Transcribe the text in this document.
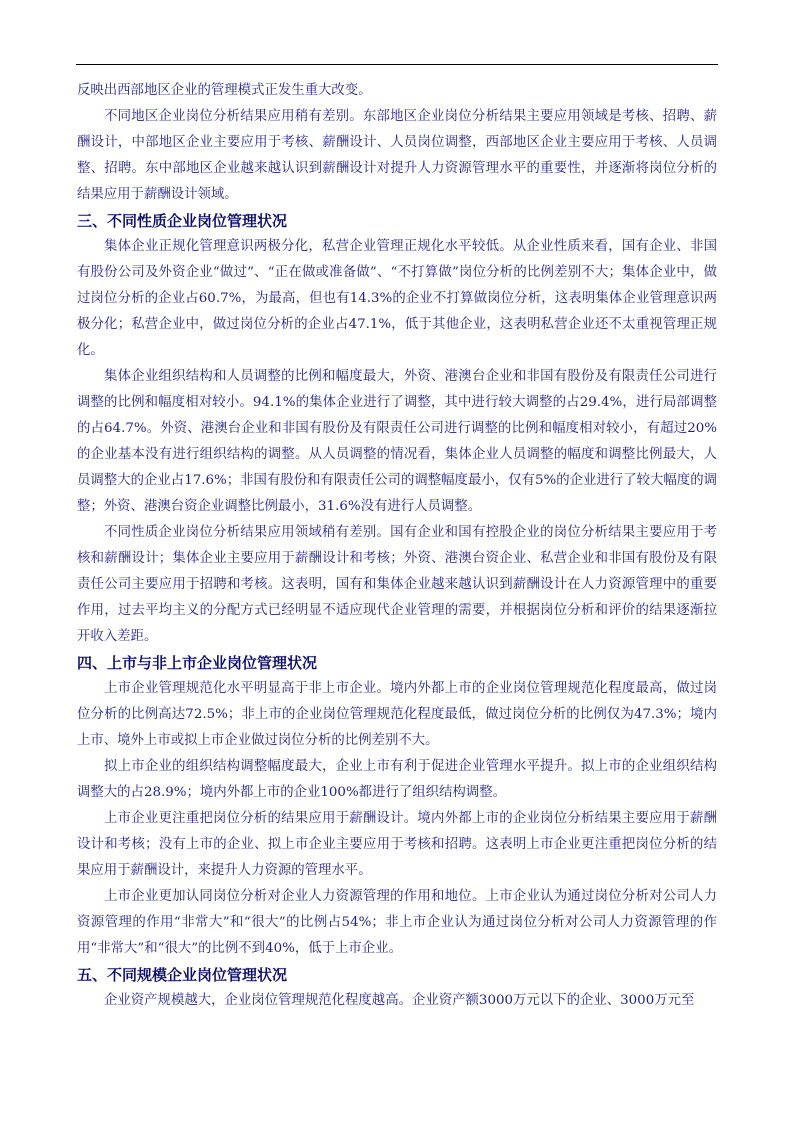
反映出西部地区企业的管理模式正发生重大改变。

不同地区企业岗位分析结果应用稍有差别。东部地区企业岗位分析结果主要应用领域是考核、招聘、薪酬设计，中部地区企业主要应用于考核、薪酬设计、人员岗位调整，西部地区企业主要应用于考核、人员调整、招聘。东中部地区企业越来越认识到薪酬设计对提升人力资源管理水平的重要性，并逐渐将岗位分析的结果应用于薪酬设计领域。

三、不同性质企业岗位管理状况

集体企业正规化管理意识两极分化，私营企业管理正规化水平较低。从企业性质来看，国有企业、非国有股份公司及外资企业“做过”、“正在做或准备做”、“不打算做”岗位分析的比例差别不大；集体企业中，做过岗位分析的企业占60.7%，为最高，但也有14.3%的企业不打算做岗位分析，这表明集体企业管理意识两极分化；私营企业中，做过岗位分析的企业占47.1%，低于其他企业，这表明私营企业还不太重视管理正规化。

集体企业组织结构和人员调整的比例和幅度最大，外资、港澳台企业和非国有股份及有限责任公司进行调整的比例和幅度相对较小。94.1%的集体企业进行了调整，其中进行较大调整的占29.4%，进行局部调整的占64.7%。外资、港澳台企业和非国有股份及有限责任公司进行调整的比例和幅度相对较小，有超过20%的企业基本没有进行组织结构的调整。从人员调整的情况看，集体企业人员调整的幅度和调整比例最大，人员调整大的企业占17.6%；非国有股份和有限责任公司的调整幅度最小，仅有5%的企业进行了较大幅度的调整；外资、港澳台资企业调整比例最小，31.6%没有进行人员调整。

不同性质企业岗位分析结果应用领域稍有差别。国有企业和国有控股企业的岗位分析结果主要应用于考核和薪酬设计；集体企业主要应用于薪酬设计和考核；外资、港澳台资企业、私营企业和非国有股份及有限责任公司主要应用于招聘和考核。这表明，国有和集体企业越来越认识到薪酬设计在人力资源管理中的重要作用，过去平均主义的分配方式已经明显不适应现代企业管理的需要，并根据岗位分析和评价的结果逐渐拉开收入差距。

四、上市与非上市企业岗位管理状况

上市企业管理规范化水平明显高于非上市企业。境内外都上市的企业岗位管理规范化程度最高，做过岗位分析的比例高达72.5%；非上市的企业岗位管理规范化程度最低，做过岗位分析的比例仅为47.3%；境内上市、境外上市或拟上市企业做过岗位分析的比例差别不大。

拟上市企业的组织结构调整幅度最大，企业上市有利于促进企业管理水平提升。拟上市的企业组织结构调整大的占28.9%；境内外都上市的企业100%都进行了组织结构调整。

上市企业更注重把岗位分析的结果应用于薪酬设计。境内外都上市的企业岗位分析结果主要应用于薪酬设计和考核；没有上市的企业、拟上市企业主要应用于考核和招聘。这表明上市企业更注重把岗位分析的结果应用于薪酬设计，来提升人力资源的管理水平。

上市企业更加认同岗位分析对企业人力资源管理的作用和地位。上市企业认为通过岗位分析对公司人力资源管理的作用“非常大”和“很大”的比例占54%；非上市企业认为通过岗位分析对公司人力资源管理的作用“非常大”和“很大”的比例不到40%，低于上市企业。

五、不同规模企业岗位管理状况

企业资产规模越大，企业岗位管理规范化程度越高。企业资产额3000万元以下的企业、3000万元至
